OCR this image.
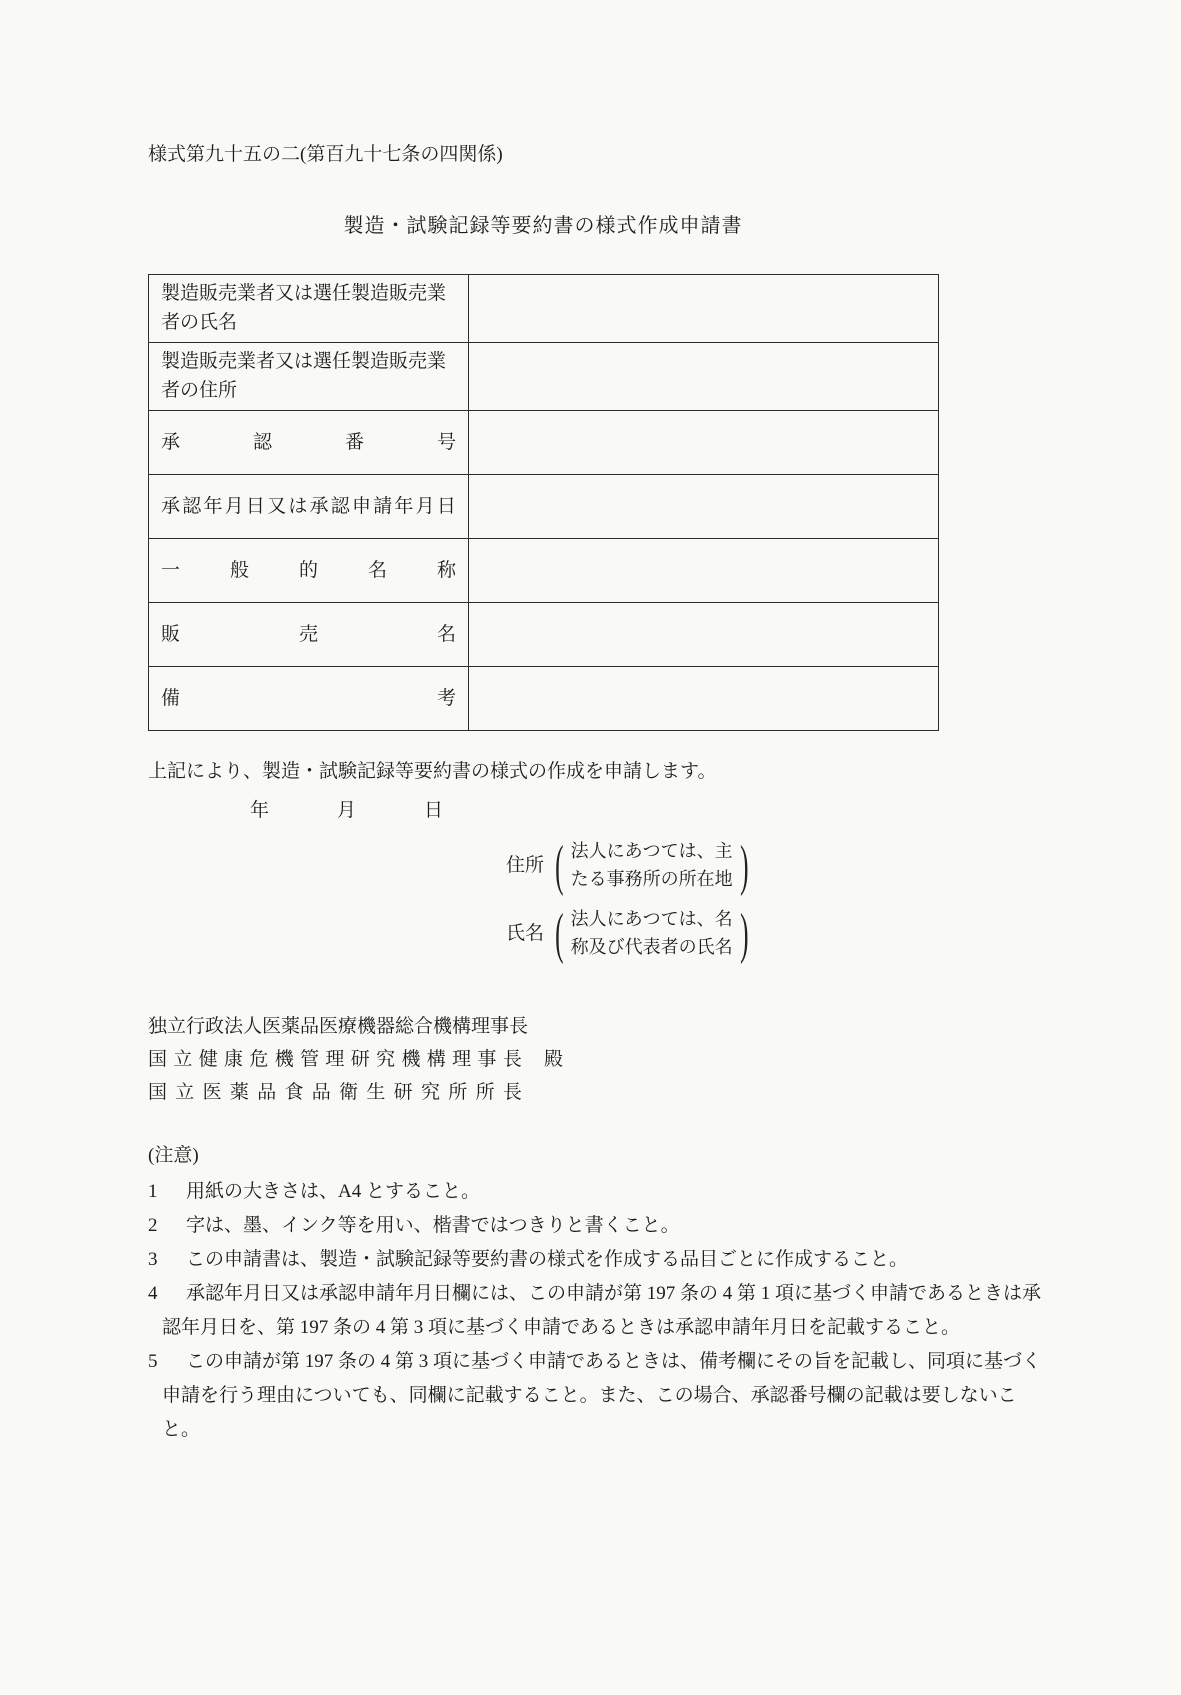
様式第九十五の二(第百九十七条の四関係)

製造・試験記録等要約書の様式作成申請書
製造販売業者又は選任製造販売業者の氏名	
製造販売業者又は選任製造販売業者の住所	

承 認 番 号	

承 認 年 月 日 又 は 承 認 申 請 年 月 日

一 般 的 名 称	

販 売 名	

備 考	

上記により、製造・試験記録等要約書の様式の作成を申請します。

年	月	日
住所 ( 法人にあつては、主
たる事務所の所在地 )
氏名 ( 法人にあつては、名
称及び代表者の氏名 )

独立行政法人医薬品医療機器総合機構理事長

国 立 健 康 危 機 管 理 研 究 機 構 理 事 長 殿

国 立 医 薬 品 食 品 衛 生 研 究 所 所 長

(注意)

1 用紙の大きさは、A4 とすること。

2 字は、墨、インク等を用い、楷書ではつきりと書くこと。

3 この申請書は、製造・試験記録等要約書の様式を作成する品目ごとに作成すること。

4 承認年月日又は承認申請年月日欄には、この申請が第 197 条の 4 第 1 項に基づく申請であるときは承認年月日を、第 197 条の 4 第 3 項に基づく申請であるときは承認申請年月日を記載すること。

5 この申請が第 197 条の 4 第 3 項に基づく申請であるときは、備考欄にその旨を記載し、同項に基づく申請を行う理由についても、同欄に記載すること。また、この場合、承認番号欄の記載は要しないこと。
